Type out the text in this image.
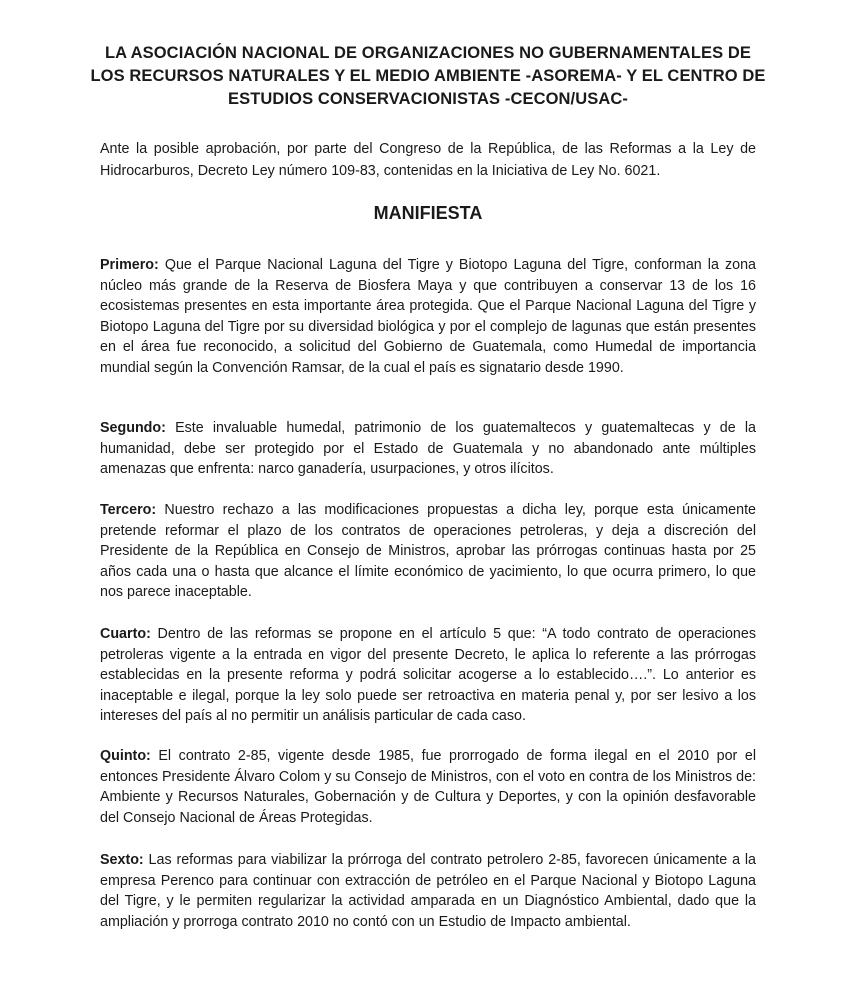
LA ASOCIACIÓN NACIONAL DE ORGANIZACIONES NO GUBERNAMENTALES DE LOS RECURSOS NATURALES Y EL MEDIO AMBIENTE -ASOREMA- Y EL CENTRO DE ESTUDIOS CONSERVACIONISTAS -CECON/USAC-

Ante la posible aprobación, por parte del Congreso de la República, de las Reformas a la Ley de Hidrocarburos, Decreto Ley número 109-83, contenidas en la Iniciativa de Ley No. 6021.

MANIFIESTA

Primero: Que el Parque Nacional Laguna del Tigre y Biotopo Laguna del Tigre, conforman la zona núcleo más grande de la Reserva de Biosfera Maya y que contribuyen a conservar 13 de los 16 ecosistemas presentes en esta importante área protegida. Que el Parque Nacional Laguna del Tigre y Biotopo Laguna del Tigre por su diversidad biológica y por el complejo de lagunas que están presentes en el área fue reconocido, a solicitud del Gobierno de Guatemala, como Humedal de importancia mundial según la Convención Ramsar, de la cual el país es signatario desde 1990.

Segundo: Este invaluable humedal, patrimonio de los guatemaltecos y guatemaltecas y de la humanidad, debe ser protegido por el Estado de Guatemala y no abandonado ante múltiples amenazas que enfrenta: narco ganadería, usurpaciones, y otros ilícitos.

Tercero: Nuestro rechazo a las modificaciones propuestas a dicha ley, porque esta únicamente pretende reformar el plazo de los contratos de operaciones petroleras, y deja a discreción del Presidente de la República en Consejo de Ministros, aprobar las prórrogas continuas hasta por 25 años cada una o hasta que alcance el límite económico de yacimiento, lo que ocurra primero, lo que nos parece inaceptable.

Cuarto: Dentro de las reformas se propone en el artículo 5 que: “A todo contrato de operaciones petroleras vigente a la entrada en vigor del presente Decreto, le aplica lo referente a las prórrogas establecidas en la presente reforma y podrá solicitar acogerse a lo establecido….”. Lo anterior es inaceptable e ilegal, porque la ley solo puede ser retroactiva en materia penal y, por ser lesivo a los intereses del país al no permitir un análisis particular de cada caso.

Quinto: El contrato 2-85, vigente desde 1985, fue prorrogado de forma ilegal en el 2010 por el entonces Presidente Álvaro Colom y su Consejo de Ministros, con el voto en contra de los Ministros de: Ambiente y Recursos Naturales, Gobernación y de Cultura y Deportes, y con la opinión desfavorable del Consejo Nacional de Áreas Protegidas.

Sexto: Las reformas para viabilizar la prórroga del contrato petrolero 2-85, favorecen únicamente a la empresa Perenco para continuar con extracción de petróleo en el Parque Nacional y Biotopo Laguna del Tigre, y le permiten regularizar la actividad amparada en un Diagnóstico Ambiental, dado que la ampliación y prorroga contrato 2010 no contó con un Estudio de Impacto ambiental.
